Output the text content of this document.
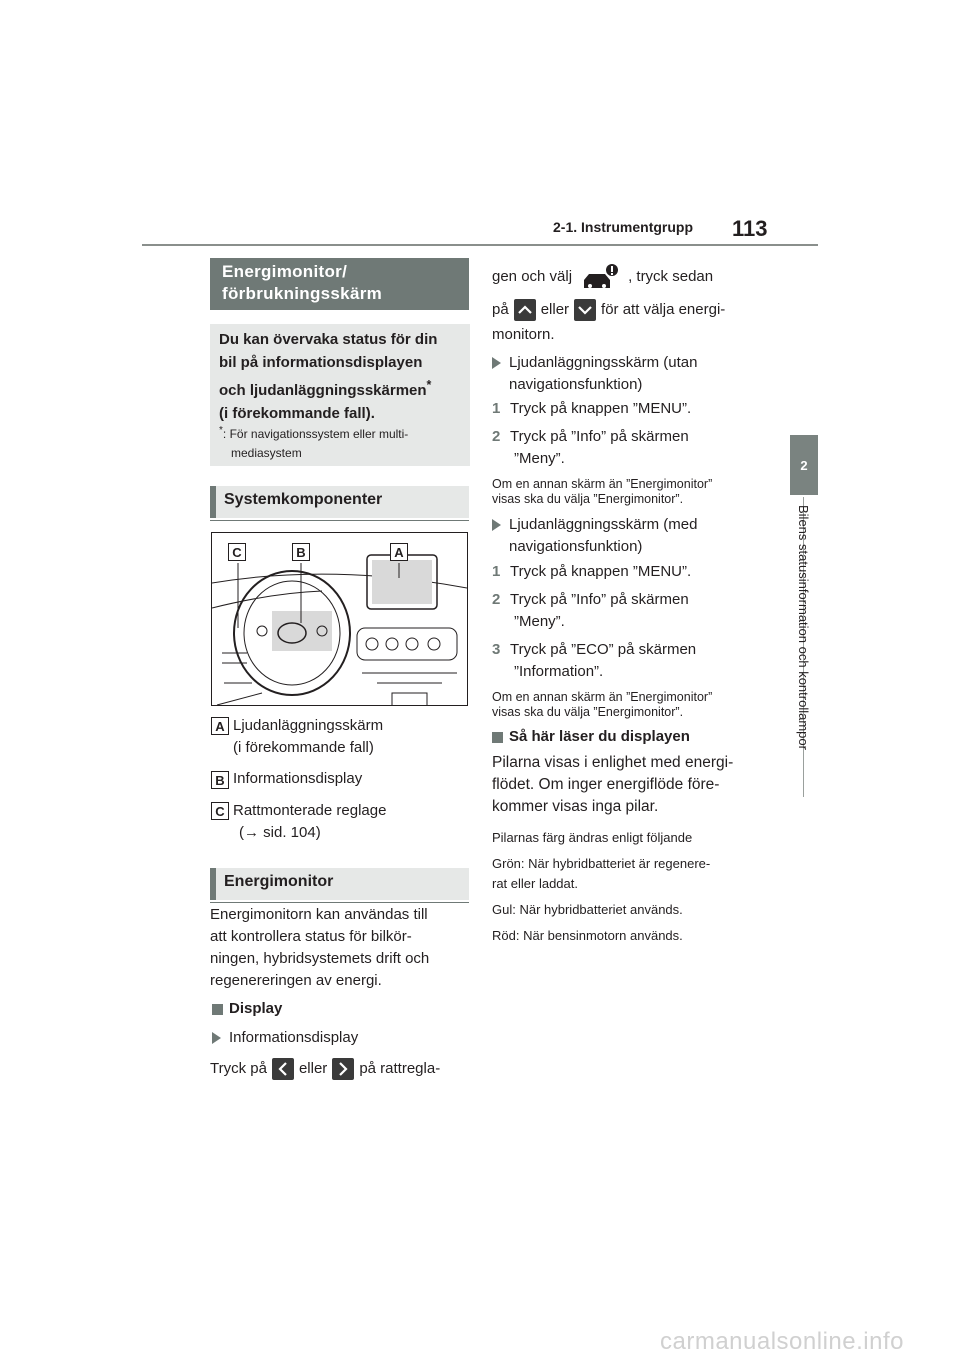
2-1. Instrumentgrupp 113
2
Bilens statusinformation och kontrollampor
Energimonitor/
förbrukningsskärm
Du kan övervaka status för din
bil på informationsdisplayen
och ljudanläggningsskärmen*
(i förekommande fall).
*: För navigationssystem eller multi-
mediasystem
Systemkomponenter
C	B	A
A Ljudanläggningsskärm
(i förekommande fall)
B Informationsdisplay
C Rattmonterade reglage
(→ sid. 104)
Energimonitor
Energimonitorn kan användas till
att kontrollera status för bilkör-
ningen, hybridsystemets drift och
regenereringen av energi.
Display
Informationsdisplay
Tryck på eller på rattregla-
gen och välj	, tryck sedan
på eller för att välja energi-
monitorn.
Ljudanläggningsskärm (utan
navigationsfunktion)
1 Tryck på knappen ”MENU”.
2 Tryck på ”Info” på skärmen
”Meny”.
Om en annan skärm än ”Energimonitor”
visas ska du välja ”Energimonitor”.
Ljudanläggningsskärm (med
navigationsfunktion)
1 Tryck på knappen ”MENU”.
2 Tryck på ”Info” på skärmen
”Meny”.
3 Tryck på ”ECO” på skärmen
”Information”.
Om en annan skärm än ”Energimonitor”
visas ska du välja ”Energimonitor”.
Så här läser du displayen
Pilarna visas i enlighet med energi-
flödet. Om inger energiflöde före-
kommer visas inga pilar.
Pilarnas färg ändras enligt följande
Grön: När hybridbatteriet är regenere-
rat eller laddat.
Gul: När hybridbatteriet används.
Röd: När bensinmotorn används.
carmanualsonline.info
